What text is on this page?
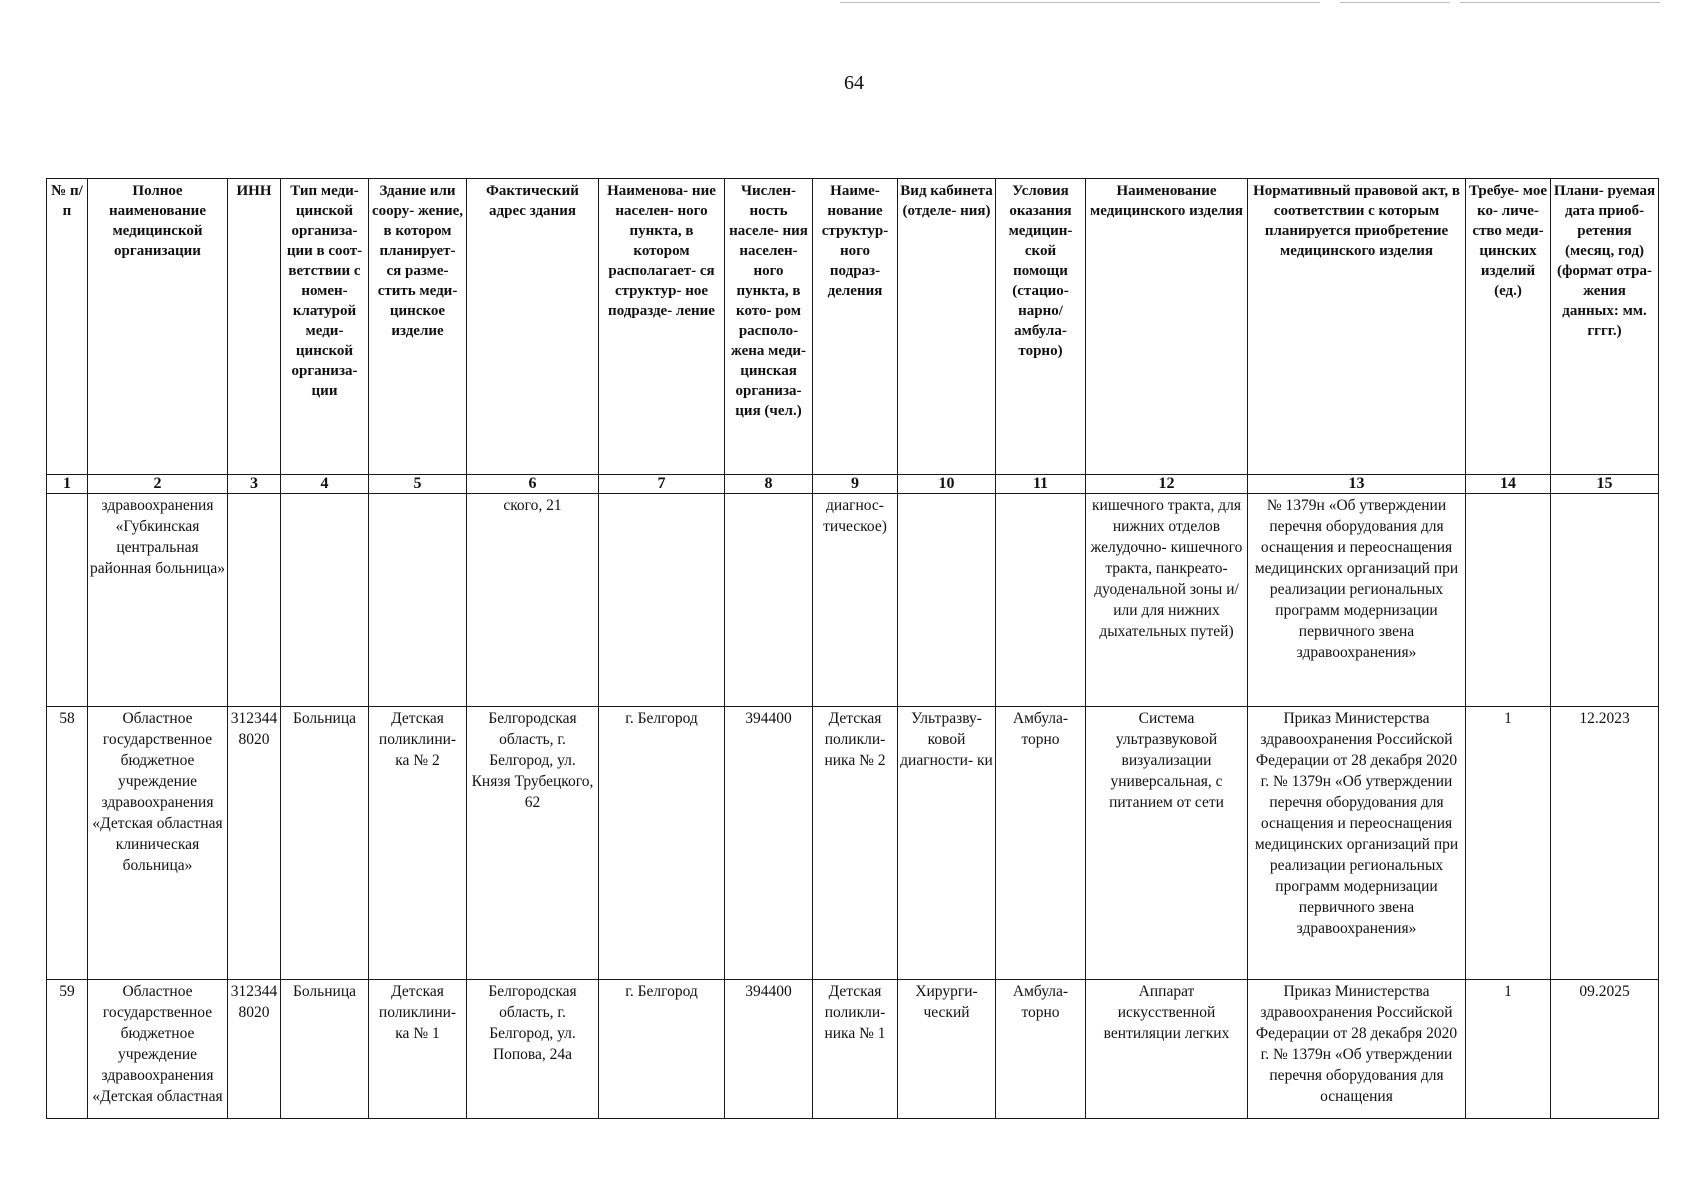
64
№ п/п	Полное наименование медицинской организации	ИНН	Тип меди- цинской организа- ции в соот- ветствии с номен- клатурой меди- цинской организа- ции	Здание или соору- жение, в котором планирует- ся разме- стить меди- цинское изделие	Фактический адрес здания	Наименова- ние населен- ного пункта, в котором располагает- ся структур- ное подразде- ление	Числен- ность населе- ния населен- ного пункта, в кото- ром располо- жена меди- цинская организа- ция (чел.)	Наиме- нование структур- ного подраз- деления	Вид кабинета (отделе- ния)	Условия оказания медицин- ской помощи (стацио- нарно/ амбула- торно)	Наименование медицинского изделия	Нормативный правовой акт, в соответствии с которым планируется приобретение медицинского изделия	Требуе- мое ко- личе- ство меди- цинских изделий (ед.)	Плани- руемая дата приоб- ретения (месяц, год) (формат отра- жения данных: мм. гггг.)
1	2	3	4	5	6	7	8	9	10	11	12	13	14	15
	здравоохранения «Губкинская центральная районная больница»				ского, 21			диагнос- тическое)			кишечного тракта, для нижних отделов желудочно- кишечного тракта, панкреато- дуоденальной зоны и/или для нижних дыхательных путей)	№ 1379н «Об утверждении перечня оборудования для оснащения и переоснащения медицинских организаций при реализации региональных программ модернизации первичного звена здравоохранения»		
58	Областное государственное бюджетное учреждение здравоохранения «Детская областная клиническая больница»	3123448020	Больница	Детская поликлини- ка № 2	Белгородская область, г. Белгород, ул. Князя Трубецкого, 62	г. Белгород	394400	Детская поликли- ника № 2	Ультразву- ковой диагности- ки	Амбула- торно	Система ультразвуковой визуализации универсальная, с питанием от сети	Приказ Министерства здравоохранения Российской Федерации от 28 декабря 2020 г. № 1379н «Об утверждении перечня оборудования для оснащения и переоснащения медицинских организаций при реализации региональных программ модернизации первичного звена здравоохранения»	1	12.2023
59	Областное государственное бюджетное учреждение здравоохранения «Детская областная	3123448020	Больница	Детская поликлини- ка № 1	Белгородская область, г. Белгород, ул. Попова, 24а	г. Белгород	394400	Детская поликли- ника № 1	Хирурги- ческий	Амбула- торно	Аппарат искусственной вентиляции легких	Приказ Министерства здравоохранения Российской Федерации от 28 декабря 2020 г. № 1379н «Об утверждении перечня оборудования для оснащения	1	09.2025
